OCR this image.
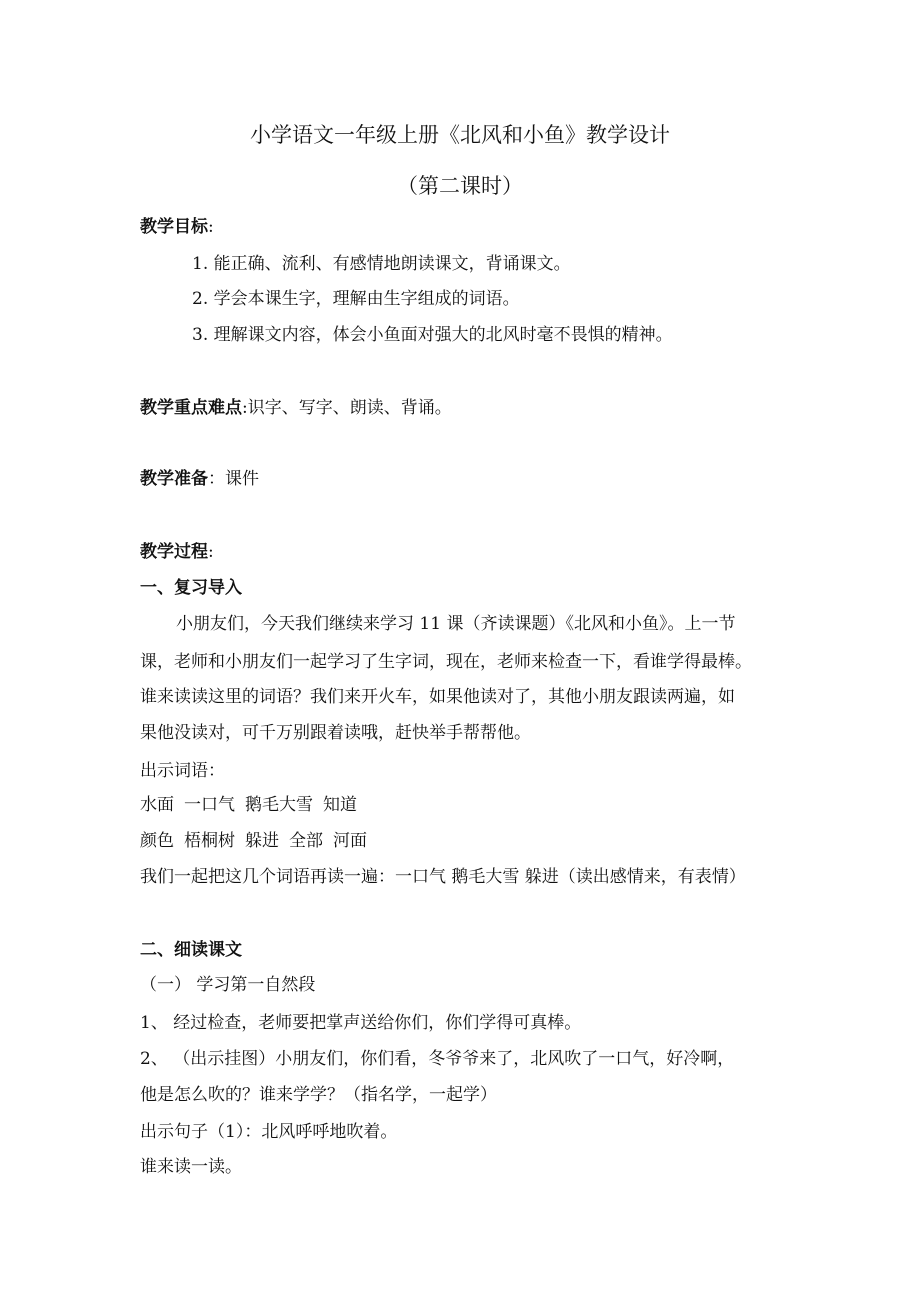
小学语文一年级上册《北风和小鱼》教学设计
（第二课时）
教学目标:
1. 能正确、流利、有感情地朗读课文，背诵课文。
2. 学会本课生字，理解由生字组成的词语。
3. 理解课文内容，体会小鱼面对强大的北风时毫不畏惧的精神。
教学重点难点:识字、写字、朗读、背诵。
教学准备：课件
教学过程:
一、复习导入
小朋友们，今天我们继续来学习 11 课（齐读课题）《北风和小鱼》。上一节
课，老师和小朋友们一起学习了生字词，现在，老师来检查一下，看谁学得最棒。
谁来读读这里的词语？我们来开火车，如果他读对了，其他小朋友跟读两遍，如
果他没读对，可千万别跟着读哦，赶快举手帮帮他。
出示词语：
水面 一口气 鹅毛大雪 知道
颜色 梧桐树 躲进 全部 河面
我们一起把这几个词语再读一遍：一口气 鹅毛大雪 躲进（读出感情来，有表情）
二、细读课文
（一） 学习第一自然段
1、 经过检查，老师要把掌声送给你们，你们学得可真棒。
2、 （出示挂图）小朋友们，你们看，冬爷爷来了，北风吹了一口气，好冷啊，
他是怎么吹的？谁来学学？（指名学，一起学）
出示句子（1）：北风呼呼地吹着。
谁来读一读。
